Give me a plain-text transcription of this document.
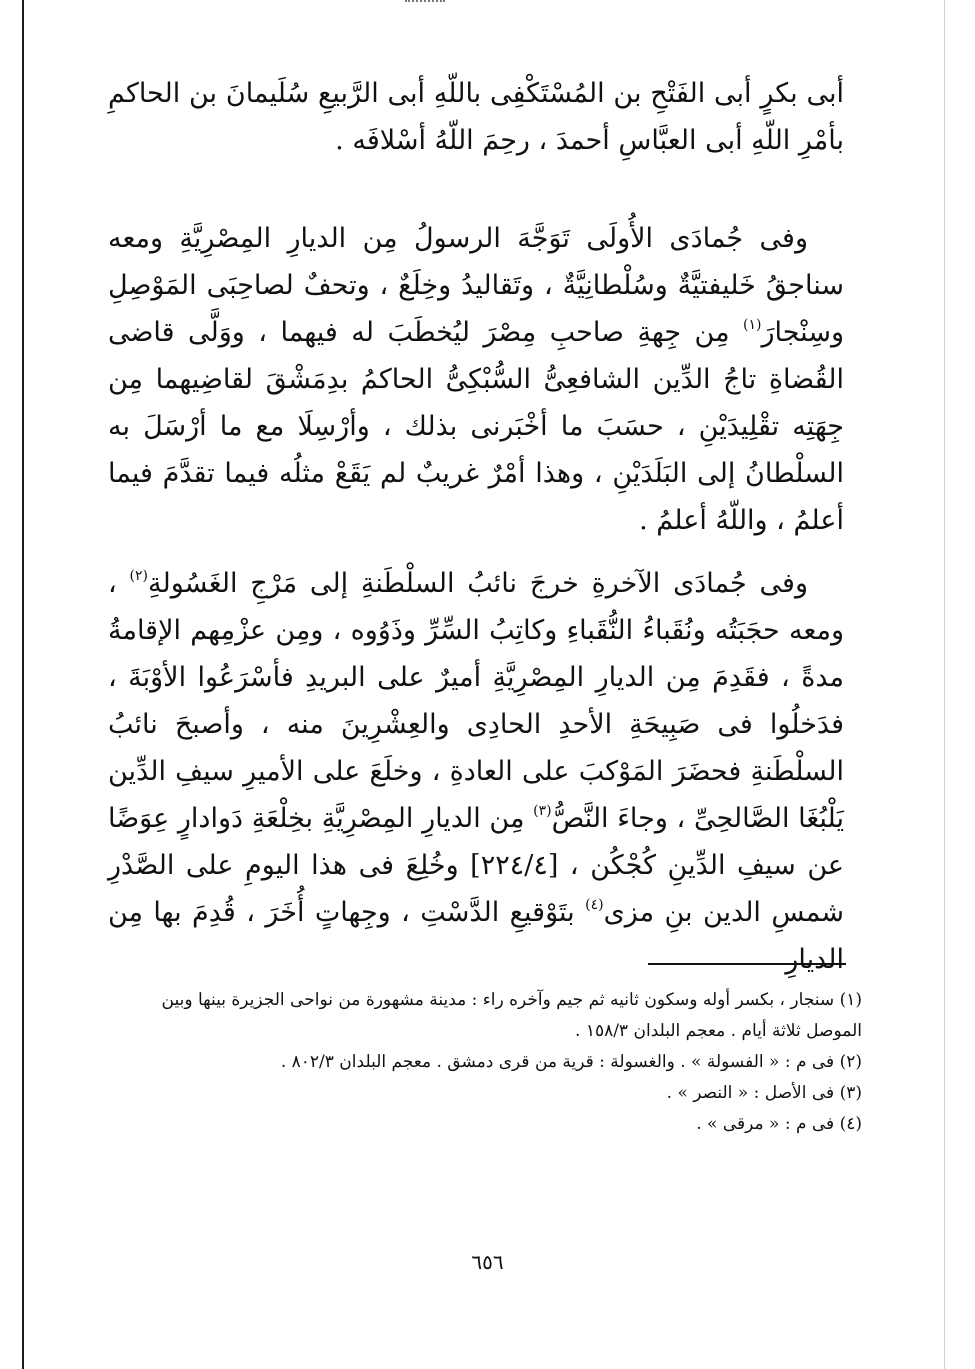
أبى بكرٍ أبى الفَتْحِ بن المُسْتَكْفِى باللّهِ أبى الرَّبيعِ سُلَيمانَ بن الحاكمِ بأمْرِ اللّهِ أبى العبَّاسِ أحمدَ ، رحِمَ اللّهُ أسْلافَه .
وفى جُمادَى الأُولَى تَوَجَّهَ الرسولُ مِن الديارِ المِصْرِيَّةِ ومعه سناجقُ خَليفتيَّةٌ وسُلْطانِيَّةٌ ، وتَقاليدُ وخِلَعٌ ، وتحفٌ لصاحِبَى المَوْصِلِ وسِنْجارَ$^{(١)}$ مِن جِهةِ صاحبِ مِصْرَ ليُخطَبَ له فيهما ، ووَلَّى قاضى القُضاةِ تاجُ الدِّين الشافعِىُّ السُّبْكِىُّ الحاكمُ بدِمَشْقَ لقاضِيهما مِن جِهَتِه تقْلِيدَيْنِ ، حسَبَ ما أخْبَرنى بذلك ، وأرْسِلَا مع ما أرْسَلَ به السلْطانُ إلى البَلَدَيْنِ ، وهذا أمْرٌ غريبٌ لم يَقَعْ مثلُه فيما تقدَّمَ فيما أعلمُ ، واللّهُ أعلمُ .
وفى جُمادَى الآخرةِ خرجَ نائبُ السلْطَنةِ إلى مَرْجِ الغَسُولةِ$^{(٢)}$ ، ومعه حجَبَتُه ونُقَباءُ النُّقَباءِ وكاتِبُ السِّرِّ وذَوُوه ، ومِن عزْمِهم الإقامةُ مدةً ، فقَدِمَ مِن الديارِ المِصْرِيَّةِ أميرٌ على البريدِ فأسْرَعُوا الأوْبَةَ ، فدَخلُوا فى صَبِيحَةِ الأحدِ الحادِى والعِشْرِينَ منه ، وأصبحَ نائبُ السلْطَنةِ فحضَرَ المَوْكبَ على العادةِ ، وخلَعَ على الأميرِ سيفِ الدِّين يَلْبُغَا الصَّالحِىِّ ، وجاءَ النَّصُّ$^{(٣)}$ مِن الديارِ المِصْرِيَّةِ بخِلْعَةِ دَوادارٍ عِوَضًا عن سيفِ الدِّينِ كُجْكُن ، [٢٢٤/٤] وخُلِعَ فى هذا اليومِ على الصَّدْرِ شمسِ الدين بنِ مزى$^{(٤)}$ بتَوْقيعِ الدَّسْتِ ، وجِهاتٍ أُخَرَ ، قُدِمَ بها مِن الديارِ

(١) سنجار ، بكسر أوله وسكون ثانيه ثم جيم وآخره راء : مدينة مشهورة من نواحى الجزيرة بينها وبين الموصل ثلاثة أيام . معجم البلدان ١٥٨/٣ .

(٢) فى م : « الفسولة » . والغسولة : قرية من قرى دمشق . معجم البلدان ٨٠٢/٣ .

(٣) فى الأصل : « النصر » .

(٤) فى م : « مرقى » .

٦٥٦
